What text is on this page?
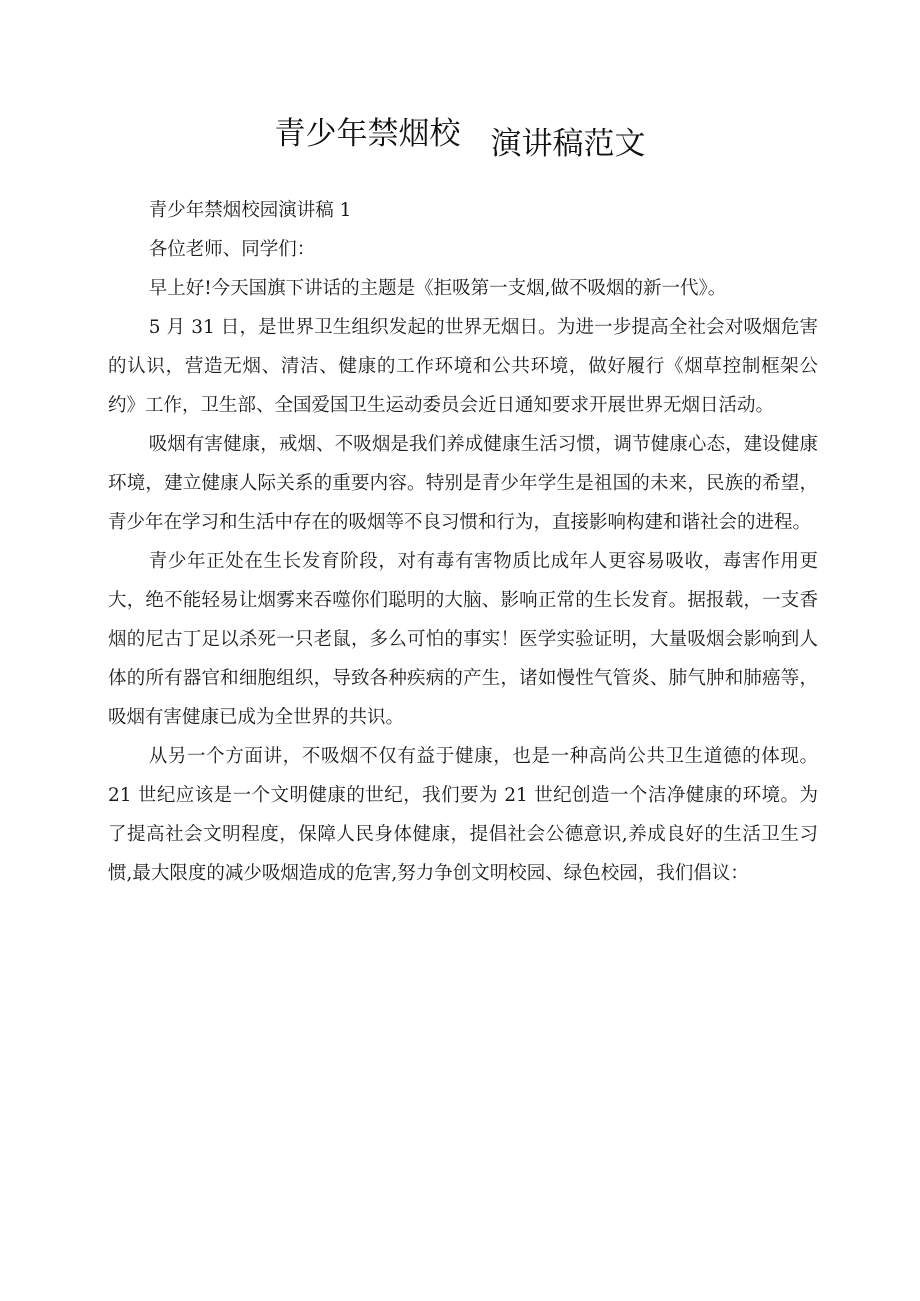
青少年禁烟校 演讲稿范文

青少年禁烟校园演讲稿 1

各位老师、同学们：

早上好!今天国旗下讲话的主题是《拒吸第一支烟,做不吸烟的新一代》。

5 月 31 日，是世界卫生组织发起的世界无烟日。为进一步提高全社会对吸烟危害的认识，营造无烟、清洁、健康的工作环境和公共环境，做好履行《烟草控制框架公约》工作，卫生部、全国爱国卫生运动委员会近日通知要求开展世界无烟日活动。

吸烟有害健康，戒烟、不吸烟是我们养成健康生活习惯，调节健康心态，建设健康环境，建立健康人际关系的重要内容。特别是青少年学生是祖国的未来，民族的希望，青少年在学习和生活中存在的吸烟等不良习惯和行为，直接影响构建和谐社会的进程。

青少年正处在生长发育阶段，对有毒有害物质比成年人更容易吸收，毒害作用更大，绝不能轻易让烟雾来吞噬你们聪明的大脑、影响正常的生长发育。据报载，一支香烟的尼古丁足以杀死一只老鼠，多么可怕的事实！医学实验证明，大量吸烟会影响到人体的所有器官和细胞组织，导致各种疾病的产生，诸如慢性气管炎、肺气肿和肺癌等，吸烟有害健康已成为全世界的共识。

从另一个方面讲，不吸烟不仅有益于健康，也是一种高尚公共卫生道德的体现。21 世纪应该是一个文明健康的世纪，我们要为 21 世纪创造一个洁净健康的环境。为了提高社会文明程度，保障人民身体健康，提倡社会公德意识,养成良好的生活卫生习惯,最大限度的减少吸烟造成的危害,努力争创文明校园、绿色校园，我们倡议：
